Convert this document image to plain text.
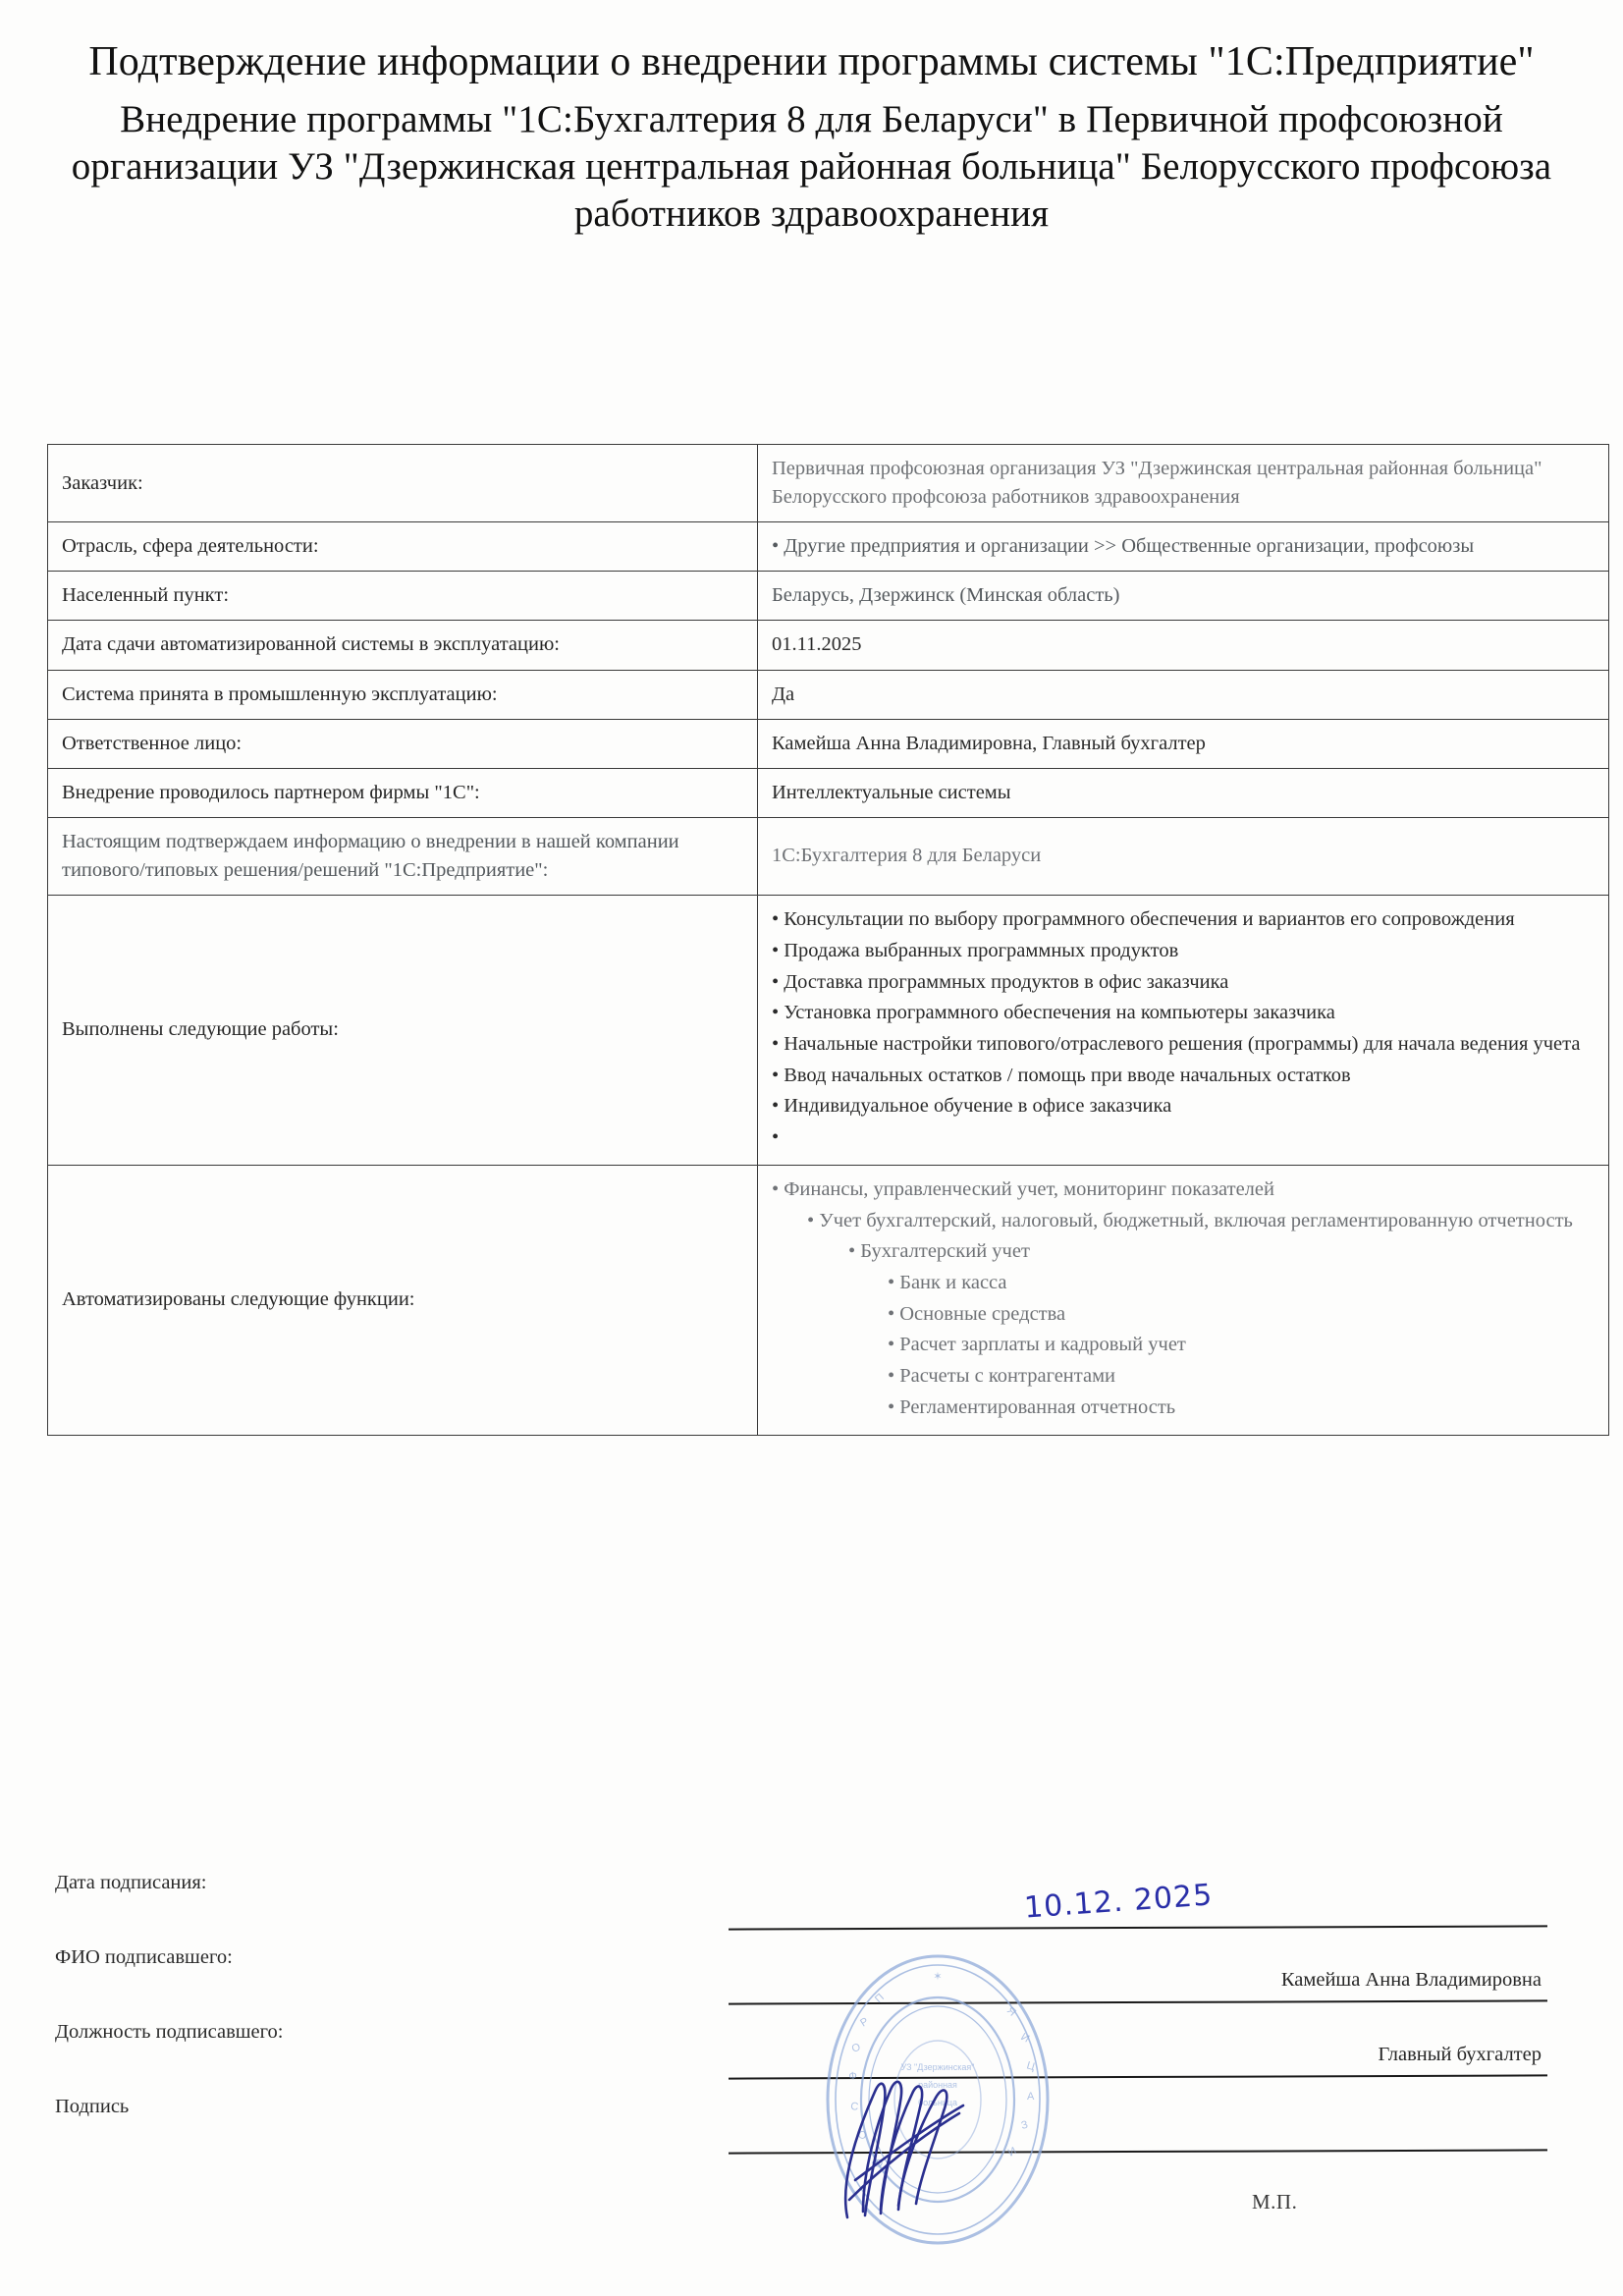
Подтверждение информации о внедрении программы системы "1С:Предприятие"
Внедрение программы "1С:Бухгалтерия 8 для Беларуси" в Первичной профсоюзной организации УЗ "Дзержинская центральная районная больница" Белорусского профсоюза работников здравоохранения
Заказчик:	Первичная профсоюзная организация УЗ "Дзержинская центральная районная больница" Белорусского профсоюза работников здравоохранения
Отрасль, сфера деятельности:	• Другие предприятия и организации >> Общественные организации, профсоюзы
Населенный пункт:	Беларусь, Дзержинск (Минская область)
Дата сдачи автоматизированной системы в эксплуатацию:	01.11.2025
Система принята в промышленную эксплуатацию:	Да
Ответственное лицо:	Камейша Анна Владимировна, Главный бухгалтер
Внедрение проводилось партнером фирмы "1С":	Интеллектуальные системы
Настоящим подтверждаем информацию о внедрении в нашей компании типового/типовых решения/решений "1С:Предприятие":	1С:Бухгалтерия 8 для Беларуси
Выполнены следующие работы:	
• Консультации по выбору программного обеспечения и вариантов его сопровождения
• Продажа выбранных программных продуктов
• Доставка программных продуктов в офис заказчика
• Установка программного обеспечения на компьютеры заказчика
• Начальные настройки типового/отраслевого решения (программы) для начала ведения учета
• Ввод начальных остатков / помощь при вводе начальных остатков
• Индивидуальное обучение в офисе заказчика
•

Автоматизированы следующие функции:	
• Финансы, управленческий учет, мониторинг показателей
• Учет бухгалтерский, налоговый, бюджетный, включая регламентированную отчетность
• Бухгалтерский учет
• Банк и касса
• Основные средства
• Расчет зарплаты и кадровый учет
• Расчеты с контрагентами
• Регламентированная отчетность
Дата подписания:	10.12. 2025
ФИО подписавшего:
Камейша Анна Владимировна
Должность подписавшего:
Главный бухгалтер
Подпись
М.П.
✶
П
Р
О
Ф
С
О
Ю
Я
И
Ц
А
З
И
УЗ "Дзержинская"
районная
больница
